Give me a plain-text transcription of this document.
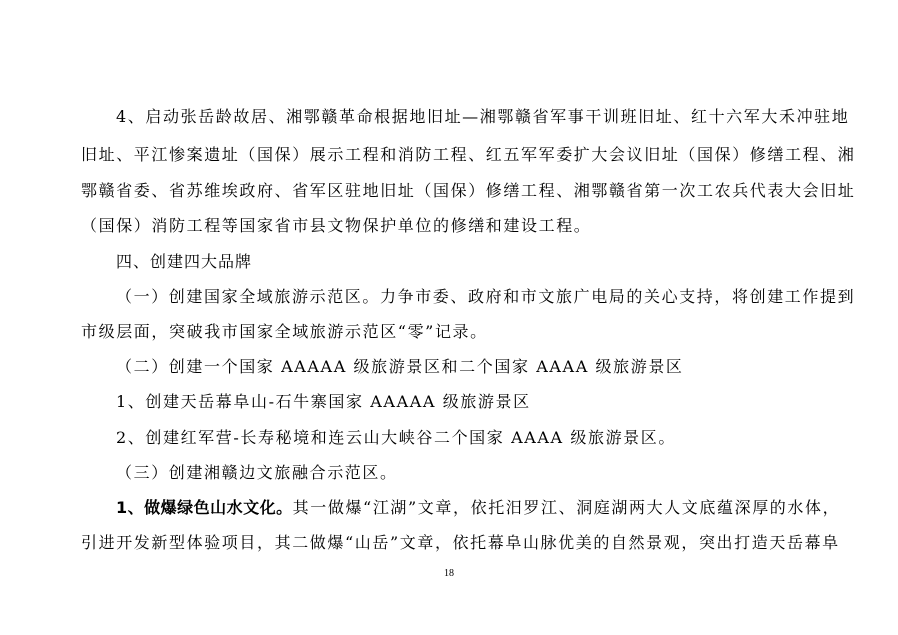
4、启动张岳龄故居、湘鄂赣革命根据地旧址—湘鄂赣省军事干训班旧址、红十六军大禾冲驻地
旧址、平江惨案遗址（国保）展示工程和消防工程、红五军军委扩大会议旧址（国保）修缮工程、湘
鄂赣省委、省苏维埃政府、省军区驻地旧址（国保）修缮工程、湘鄂赣省第一次工农兵代表大会旧址
（国保）消防工程等国家省市县文物保护单位的修缮和建设工程。
四、创建四大品牌
（一）创建国家全域旅游示范区。力争市委、政府和市文旅广电局的关心支持，将创建工作提到
市级层面，突破我市国家全域旅游示范区“零”记录。
（二）创建一个国家 AAAAA 级旅游景区和二个国家 AAAA 级旅游景区
1、创建天岳幕阜山-石牛寨国家 AAAAA 级旅游景区
2、创建红军营-长寿秘境和连云山大峡谷二个国家 AAAA 级旅游景区。
（三）创建湘赣边文旅融合示范区。
1、做爆绿色山水文化。其一做爆“江湖”文章，依托汨罗江、洞庭湖两大人文底蕴深厚的水体，
引进开发新型体验项目，其二做爆“山岳”文章，依托幕阜山脉优美的自然景观，突出打造天岳幕阜
18
